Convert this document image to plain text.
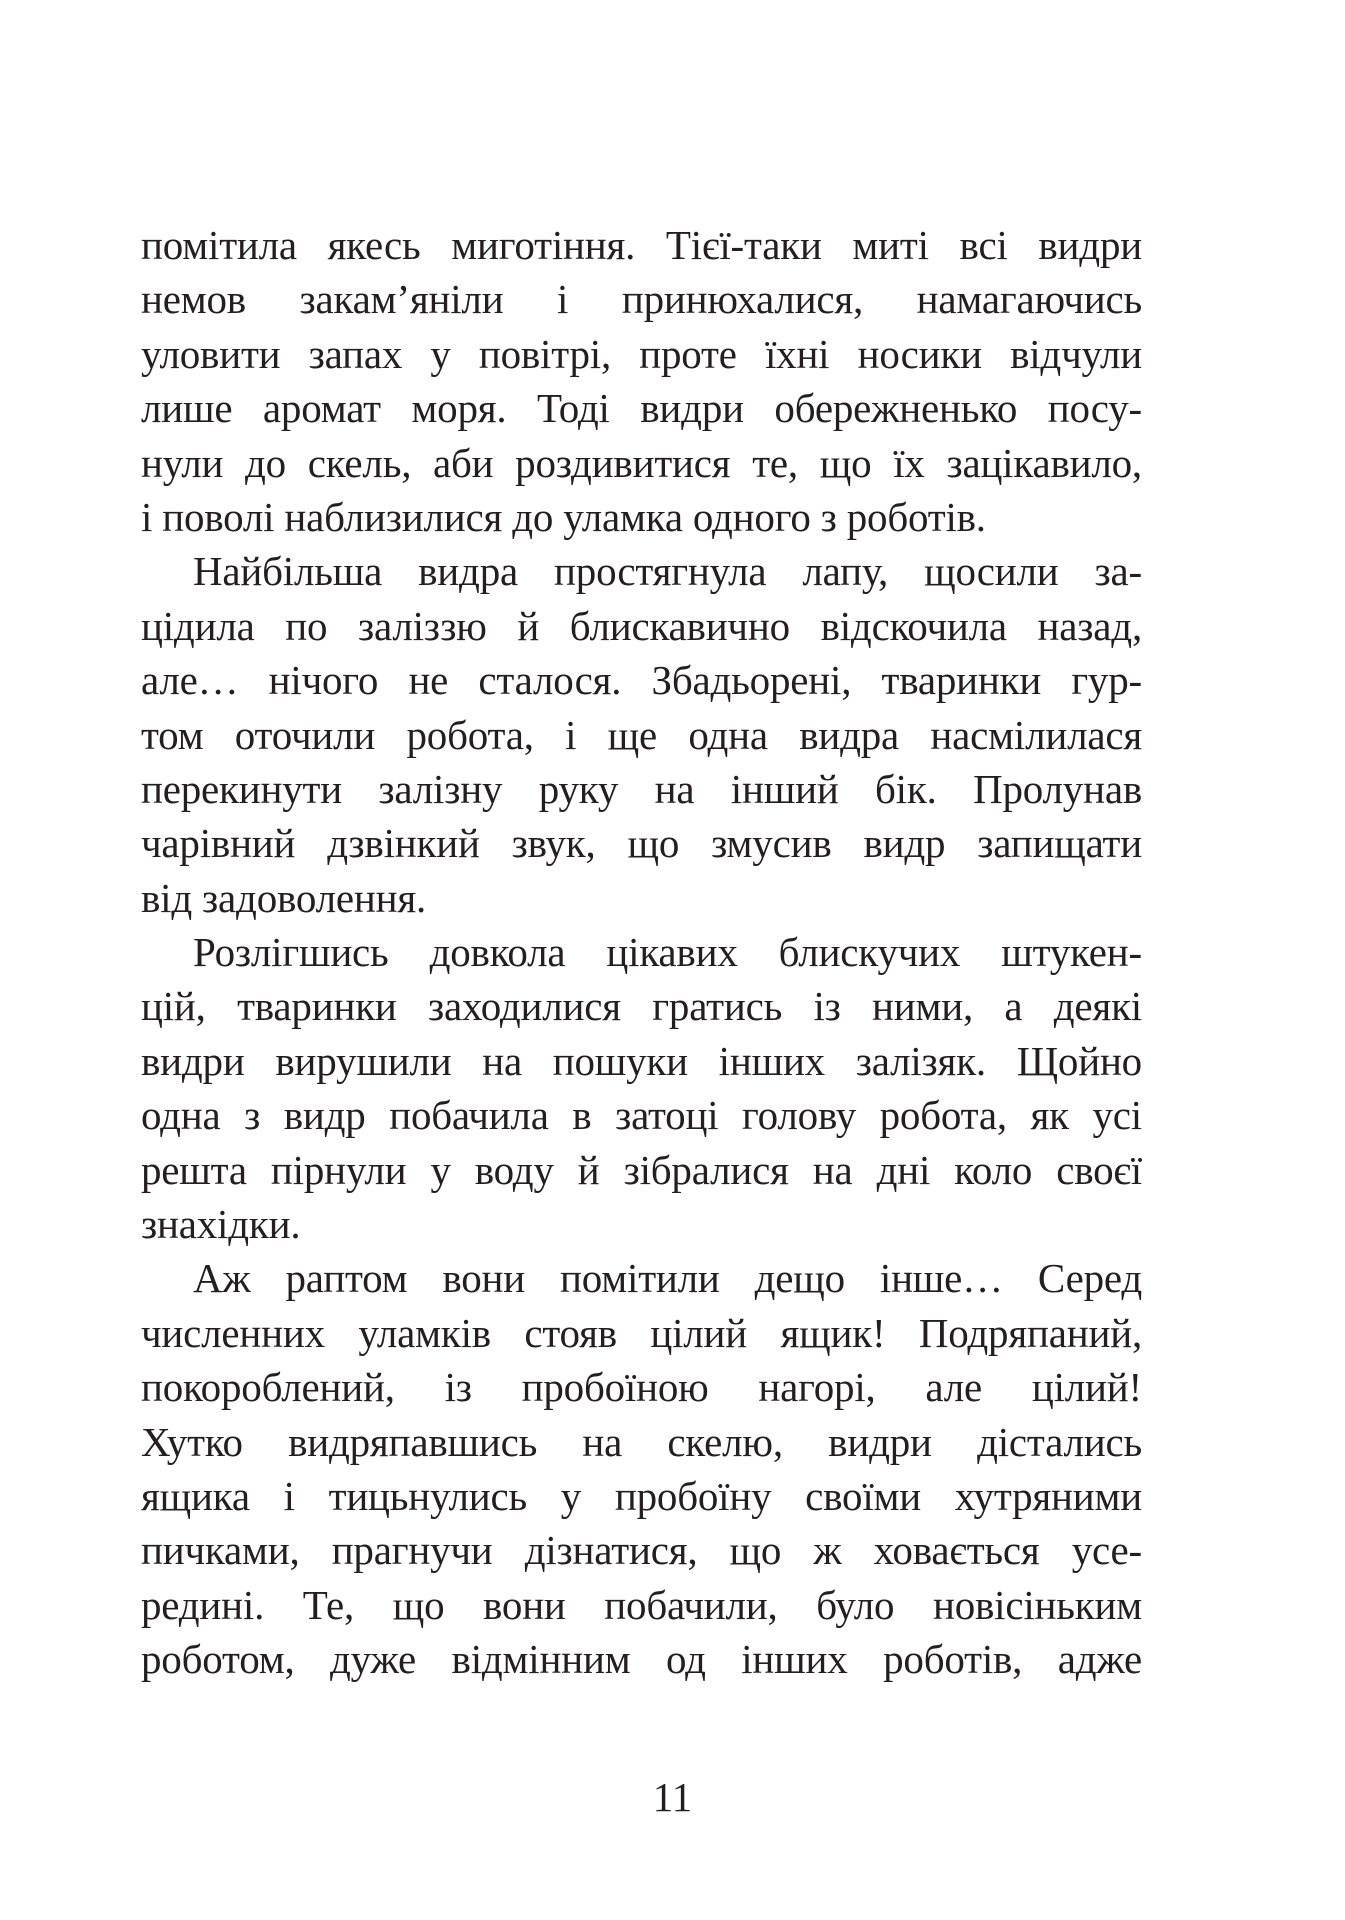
помітила якесь миготіння. Тієї-таки миті всі видри
немов закам’яніли і принюхалися, намагаючись
уловити запах у повітрі, проте їхні носики відчули
лише аромат моря. Тоді видри обережненько посу-
нули до скель, аби роздивитися те, що їх зацікавило,
і поволі наблизилися до уламка одного з роботів.
Найбільша видра простягнула лапу, щосили за-
цідила по заліззю й блискавично відскочила назад,
але… нічого не сталося. Збадьорені, тваринки гур-
том оточили робота, і ще одна видра насмілилася
перекинути залізну руку на інший бік. Пролунав
чарівний дзвінкий звук, що змусив видр запищати
від задоволення.
Розлігшись довкола цікавих блискучих штукен-
цій, тваринки заходилися гратись із ними, а деякі
видри вирушили на пошуки інших залізяк. Щойно
одна з видр побачила в затоці голову робота, як усі
решта пірнули у воду й зібралися на дні коло своєї
знахідки.
Аж раптом вони помітили дещо інше… Серед
численних уламків стояв цілий ящик! Подряпаний,
покороблений, із пробоїною нагорі, але цілий!
Хутко видряпавшись на скелю, видри дістались
ящика і тицьнулись у пробоїну своїми хутряними
пичками, прагнучи дізнатися, що ж ховається усе-
редині. Те, що вони побачили, було новісіньким
роботом, дуже відмінним од інших роботів, адже
11
